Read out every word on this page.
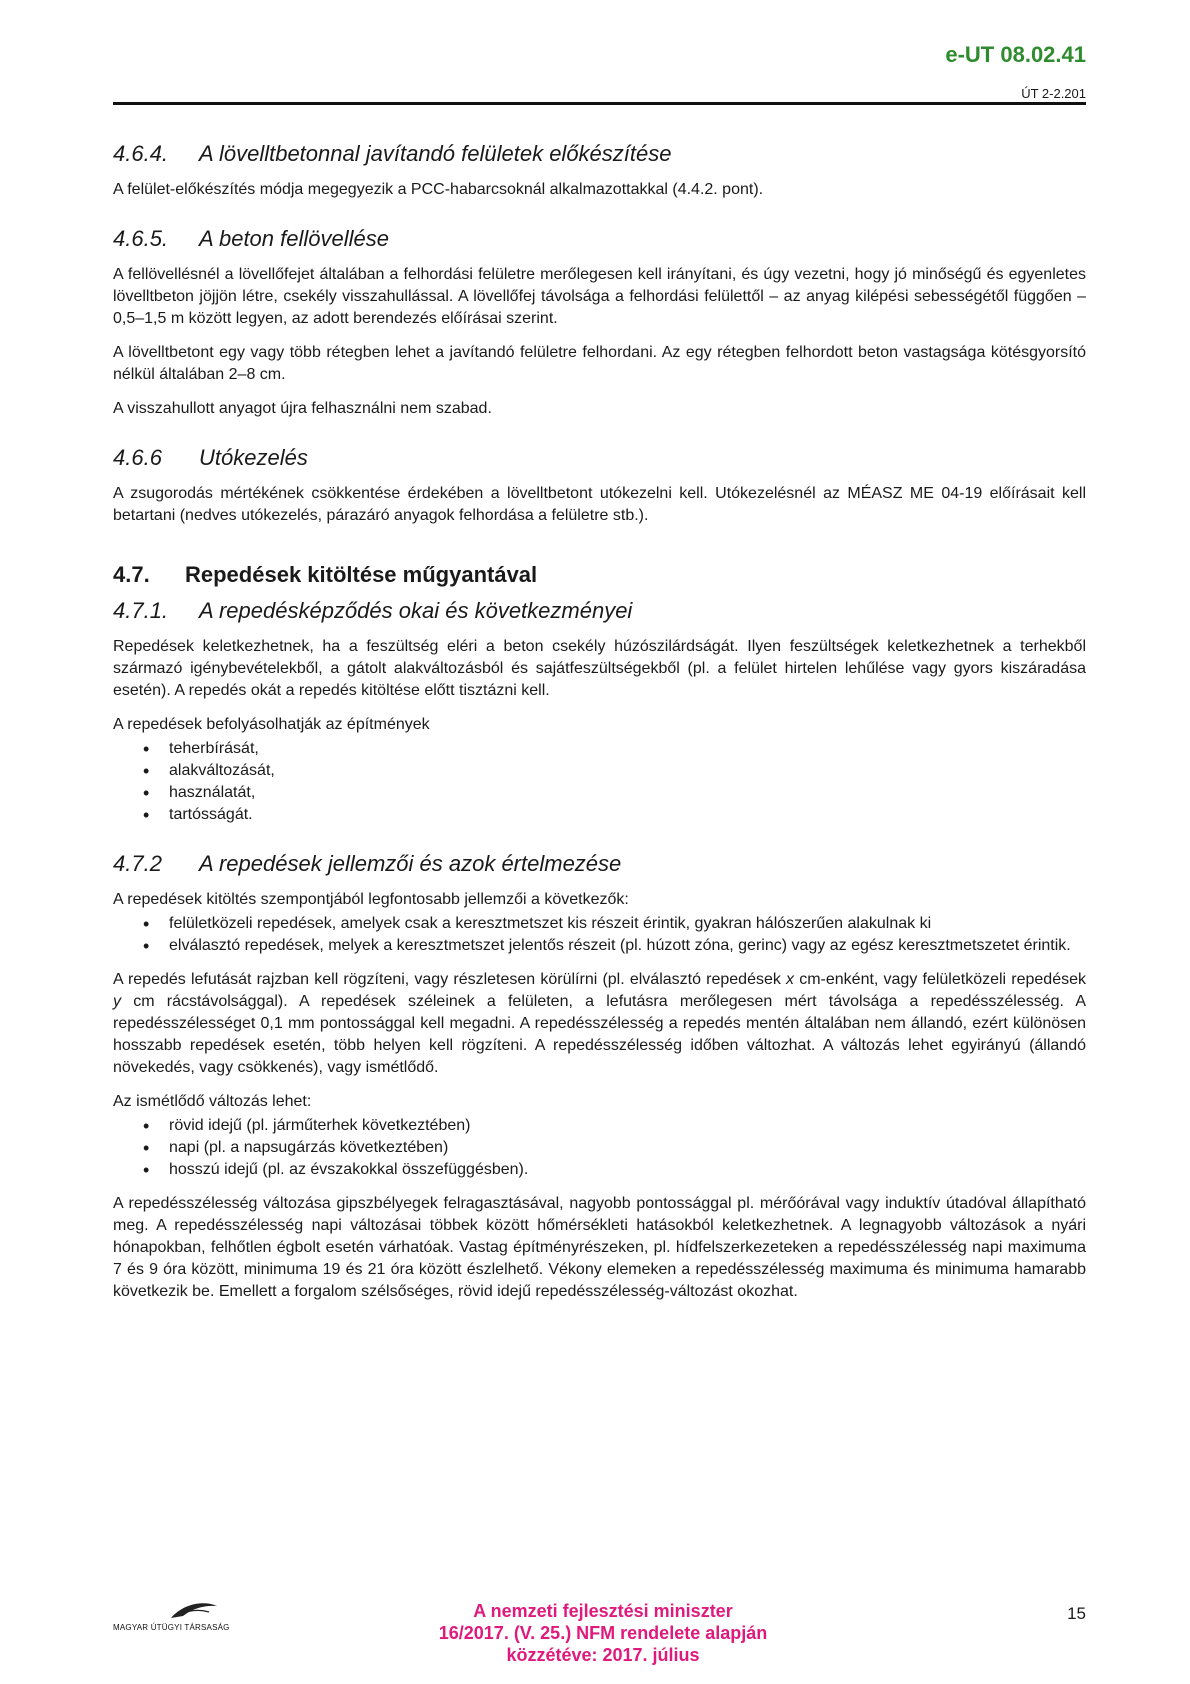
e-UT 08.02.41
ÚT 2-2.201
4.6.4. A lövelltbetonnal javítandó felületek előkészítése

A felület-előkészítés módja megegyezik a PCC-habarcsoknál alkalmazottakkal (4.4.2. pont).

4.6.5. A beton fellövellése

A fellövellésnél a lövellőfejet általában a felhordási felületre merőlegesen kell irányítani, és úgy vezetni, hogy jó minőségű és egyenletes lövelltbeton jöjjön létre, csekély visszahullással. A lövellőfej távolsága a felhordási felülettől – az anyag kilépési sebességétől függően – 0,5–1,5 m között legyen, az adott berendezés előírásai szerint.

A lövelltbetont egy vagy több rétegben lehet a javítandó felületre felhordani. Az egy rétegben felhordott beton vastagsága kötésgyorsító nélkül általában 2–8 cm.

A visszahullott anyagot újra felhasználni nem szabad.

4.6.6 Utókezelés

A zsugorodás mértékének csökkentése érdekében a lövelltbetont utókezelni kell. Utókezelésnél az MÉASZ ME 04-19 előírásait kell betartani (nedves utókezelés, párazáró anyagok felhordása a felületre stb.).

4.7. Repedések kitöltése műgyantával
4.7.1. A repedésképződés okai és következményei

Repedések keletkezhetnek, ha a feszültség eléri a beton csekély húzószilárdságát. Ilyen feszültségek keletkezhetnek a terhekből származó igénybevételekből, a gátolt alakváltozásból és sajátfeszültségekből (pl. a felület hirtelen lehűlése vagy gyors kiszáradása esetén). A repedés okát a repedés kitöltése előtt tisztázni kell.

A repedések befolyásolhatják az építmények

• teherbírását,
• alakváltozását,
• használatát,
• tartósságát.
4.7.2 A repedések jellemzői és azok értelmezése

A repedések kitöltés szempontjából legfontosabb jellemzői a következők:

• felületközeli repedések, amelyek csak a keresztmetszet kis részeit érintik, gyakran hálószerűen alakulnak ki
• elválasztó repedések, melyek a keresztmetszet jelentős részeit (pl. húzott zóna, gerinc) vagy az egész keresztmetszetet érintik.

A repedés lefutását rajzban kell rögzíteni, vagy részletesen körülírni (pl. elválasztó repedések x cm-enként, vagy felületközeli repedések y cm rácstávolsággal). A repedések széleinek a felületen, a lefutásra merőlegesen mért távolsága a repedésszélesség. A repedésszélességet 0,1 mm pontossággal kell megadni. A repedésszélesség a repedés mentén általában nem állandó, ezért különösen hosszabb repedések esetén, több helyen kell rögzíteni. A repedésszélesség időben változhat. A változás lehet egyirányú (állandó növekedés, vagy csökkenés), vagy ismétlődő.

Az ismétlődő változás lehet:

• rövid idejű (pl. járműterhek következtében)
• napi (pl. a napsugárzás következtében)
• hosszú idejű (pl. az évszakokkal összefüggésben).

A repedésszélesség változása gipszbélyegek felragasztásával, nagyobb pontossággal pl. mérőórával vagy induktív útadóval állapítható meg. A repedésszélesség napi változásai többek között hőmérsékleti hatásokból keletkezhetnek. A legnagyobb változások a nyári hónapokban, felhőtlen égbolt esetén várhatóak. Vastag építményrészeken, pl. hídfelszerkezeteken a repedésszélesség napi maximuma 7 és 9 óra között, minimuma 19 és 21 óra között észlelhető. Vékony elemeken a repedésszélesség maximuma és minimuma hamarabb következik be. Emellett a forgalom szélsőséges, rövid idejű repedésszélesség-változást okozhat.

MAGYAR ÚTÜGYI TÁRSASÁG
A nemzeti fejlesztési miniszter
16/2017. (V. 25.) NFM rendelete alapján
közzétéve: 2017. július
15
